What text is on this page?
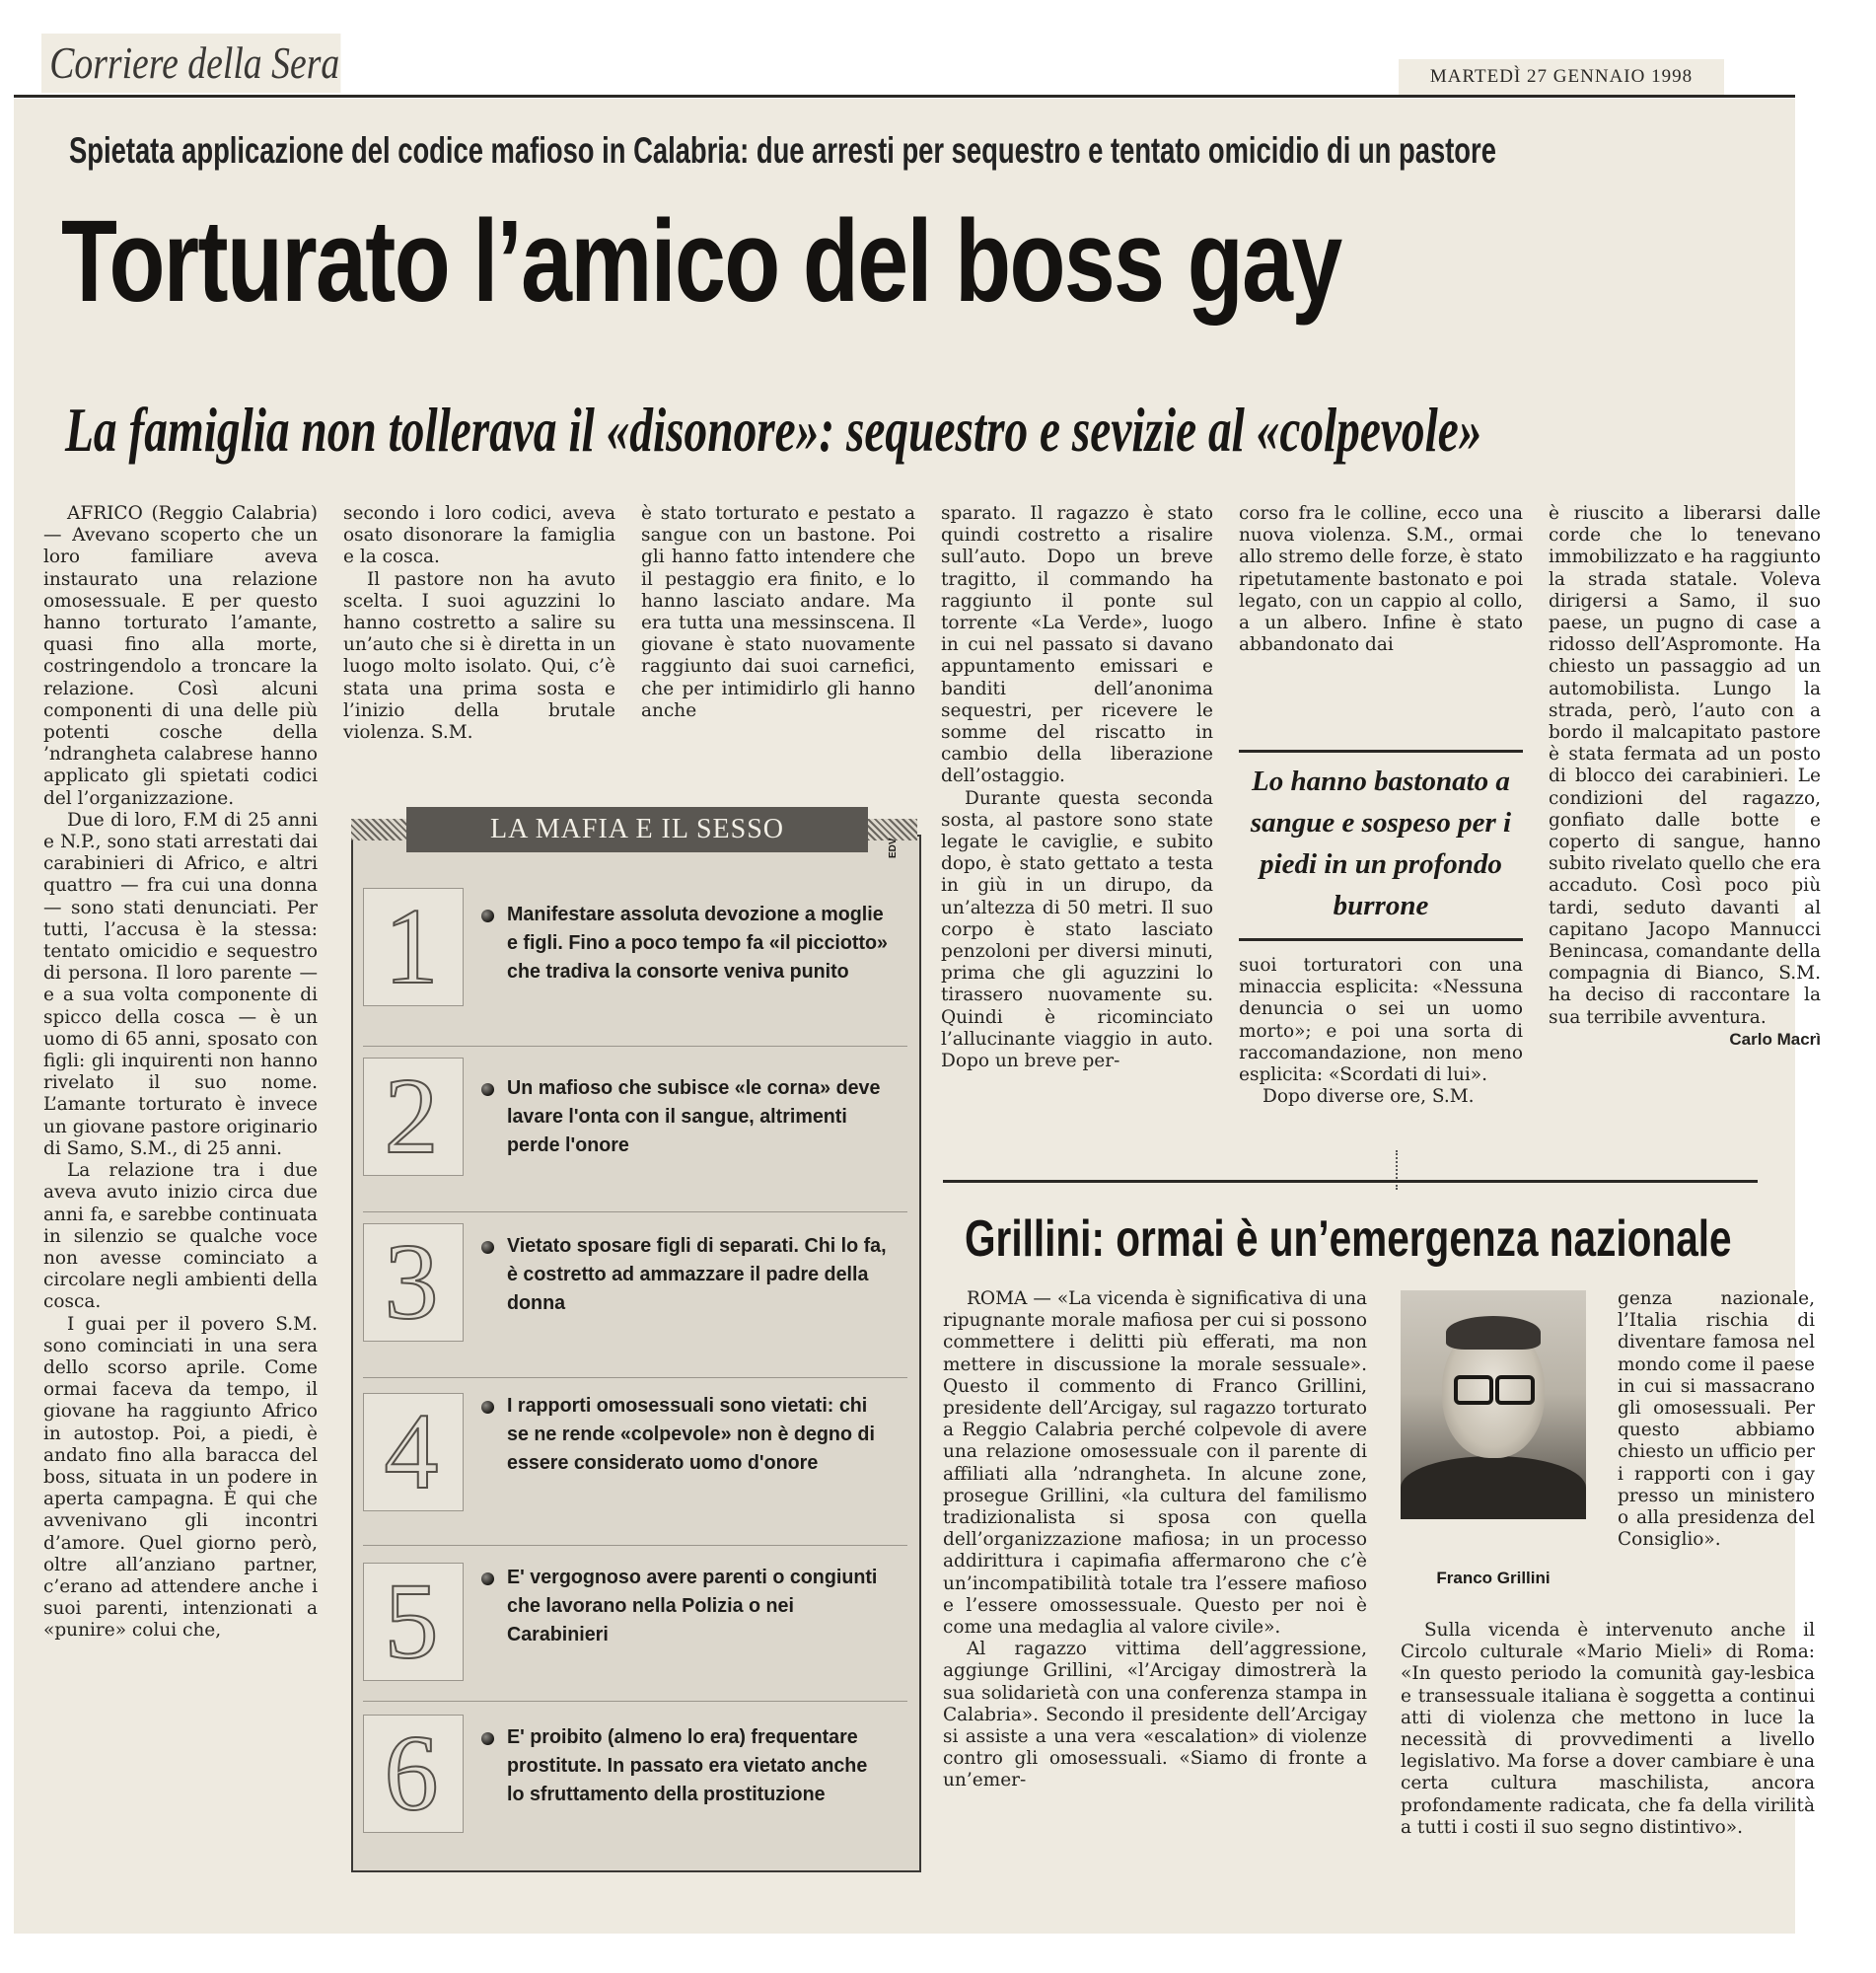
Corriere della Sera	MARTEDÌ 27 GENNAIO 1998
Spietata applicazione del codice mafioso in Calabria: due arresti per sequestro e tentato omicidio di un pastore
Torturato l’amico del boss gay
La famiglia non tollerava il «disonore»: sequestro e sevizie al «colpevole»

AFRICO (Reggio Calabria) — Avevano scoperto che un loro familiare aveva instaurato una relazione omosessuale. E per questo hanno torturato l’amante, quasi fino alla morte, costringendolo a troncare la relazione. Così alcuni componenti di una delle più potenti cosche della ’ndrangheta calabrese hanno applicato gli spietati codici del l’organizzazione.

Due di loro, F.M di 25 anni e N.P., sono stati arrestati dai carabinieri di Africo, e altri quattro — fra cui una donna — sono stati denunciati. Per tutti, l’accusa è la stessa: tentato omicidio e sequestro di persona. Il loro parente — e a sua volta componente di spicco della cosca — è un uomo di 65 anni, sposato con figli: gli inquirenti non hanno rivelato il suo nome. L’amante torturato è invece un giovane pastore originario di Samo, S.M., di 25 anni.

La relazione tra i due aveva avuto inizio circa due anni fa, e sarebbe continuata in silenzio se qualche voce non avesse cominciato a circolare negli ambienti della cosca.

I guai per il povero S.M. sono cominciati in una sera dello scorso aprile. Come ormai faceva da tempo, il giovane ha raggiunto Africo in autostop. Poi, a piedi, è andato fino alla baracca del boss, situata in un podere in aperta campagna. È qui che avvenivano gli incontri d’amore. Quel giorno però, oltre all’anziano partner, c’erano ad attendere anche i suoi parenti, intenzionati a «punire» colui che,

secondo i loro codici, aveva osato disonorare la famiglia e la cosca.

Il pastore non ha avuto scelta. I suoi aguzzini lo hanno costretto a salire su un’auto che si è diretta in un luogo molto isolato. Qui, c’è stata una prima sosta e l’inizio della brutale violenza. S.M.

è stato torturato e pestato a sangue con un bastone. Poi gli hanno fatto intendere che il pestaggio era finito, e lo hanno lasciato andare. Ma era tutta una messinscena. Il giovane è stato nuovamente raggiunto dai suoi carnefici, che per intimidirlo gli hanno anche

sparato. Il ragazzo è stato quindi costretto a risalire sull’auto. Dopo un breve tragitto, il commando ha raggiunto il ponte sul torrente «La Verde», luogo in cui nel passato si davano appuntamento emissari e banditi dell’anonima sequestri, per ricevere le somme del riscatto in cambio della liberazione dell’ostaggio.

Durante questa seconda sosta, al pastore sono state legate le caviglie, e subito dopo, è stato gettato a testa in giù in un dirupo, da un’altezza di 50 metri. Il suo corpo è stato lasciato penzoloni per diversi minuti, prima che gli aguzzini lo tirassero nuovamente su. Quindi è ricominciato l’allucinante viaggio in auto. Dopo un breve per-

corso fra le colline, ecco una nuova violenza. S.M., ormai allo stremo delle forze, è stato ripetutamente bastonato e poi legato, con un cappio al collo, a un albero. Infine è stato abbandonato dai

Lo hanno bastonato a sangue e sospeso per i piedi in un profondo burrone

suoi torturatori con una minaccia esplicita: «Nessuna denuncia o sei un uomo morto»; e poi una sorta di raccomandazione, non meno esplicita: «Scordati di lui».

Dopo diverse ore, S.M.

è riuscito a liberarsi dalle corde che lo tenevano immobilizzato e ha raggiunto la strada statale. Voleva dirigersi a Samo, il suo paese, un pugno di case a ridosso dell’Aspromonte. Ha chiesto un passaggio ad un automobilista. Lungo la strada, però, l’auto con a bordo il malcapitato pastore è stata fermata ad un posto di blocco dei carabinieri. Le condizioni del ragazzo, gonfiato dalle botte e coperto di sangue, hanno subito rivelato quello che era accaduto. Così poco più tardi, seduto davanti al capitano Jacopo Mannucci Benincasa, comandante della compagnia di Bianco, S.M. ha deciso di raccontare la sua terribile avventura.

Carlo Macrì

LA MAFIA E IL SESSO
EDV
1	Manifestare assoluta devozione a moglie e figli. Fino a poco tempo fa «il picciotto» che tradiva la consorte veniva punito
2	Un mafioso che subisce «le corna» deve lavare l'onta con il sangue, altrimenti perde l'onore
3	Vietato sposare figli di separati. Chi lo fa, è costretto ad ammazzare il padre della donna
4	I rapporti omosessuali sono vietati: chi se ne rende «colpevole» non è degno di essere considerato uomo d'onore
5	E' vergognoso avere parenti o congiunti che lavorano nella Polizia o nei Carabinieri
6	E' proibito (almeno lo era) frequentare prostitute. In passato era vietato anche lo sfruttamento della prostituzione
Grillini: ormai è un’emergenza nazionale

ROMA — «La vicenda è significativa di una ripugnante morale mafiosa per cui si possono commettere i delitti più efferati, ma non mettere in discussione la morale sessuale». Questo il commento di Franco Grillini, presidente dell’Arcigay, sul ragazzo torturato a Reggio Calabria perché colpevole di avere una relazione omosessuale con il parente di affiliati alla ’ndrangheta. In alcune zone, prosegue Grillini, «la cultura del familismo tradizionalista si sposa con quella dell’organizzazione mafiosa; in un processo addirittura i capimafia affermarono che c’è un’incompatibilità totale tra l’essere mafioso e l’essere omossessuale. Questo per noi è come una medaglia al valore civile».

Al ragazzo vittima dell’aggressione, aggiunge Grillini, «l’Arcigay dimostrerà la sua solidarietà con una conferenza stampa in Calabria». Secondo il presidente dell’Arcigay si assiste a una vera «escalation» di violenze contro gli omosessuali. «Siamo di fronte a un’emer-

Franco Grillini

genza nazionale, l’Italia rischia di diventare famosa nel mondo come il paese in cui si massacrano gli omosessuali. Per questo abbiamo chiesto un ufficio per i rapporti con i gay presso un ministero o alla presidenza del Consiglio».

Sulla vicenda è intervenuto anche il Circolo culturale «Mario Mieli» di Roma: «In questo periodo la comunità gay-lesbica e transessuale italiana è soggetta a continui atti di violenza che mettono in luce la necessità di provvedimenti a livello legislativo. Ma forse a dover cambiare è una certa cultura maschilista, ancora profondamente radicata, che fa della virilità a tutti i costi il suo segno distintivo».
